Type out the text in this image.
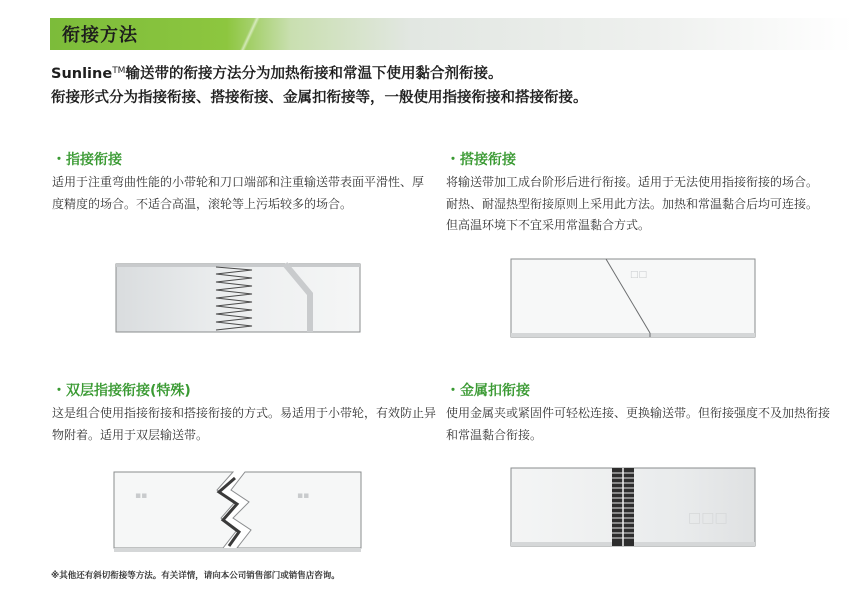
衔接方法
Sunline™输送带的衔接方法分为加热衔接和常温下使用黏合剂衔接。
衔接形式分为指接衔接、搭接衔接、金属扣衔接等，一般使用指接衔接和搭接衔接。
・指接衔接
适用于注重弯曲性能的小带轮和刀口端部和注重输送带表面平滑性、厚度精度的场合。不适合高温，滚轮等上污垢较多的场合。
・搭接衔接
将输送带加工成台阶形后进行衔接。适用于无法使用指接衔接的场合。耐热、耐湿热型衔接原则上采用此方法。加热和常温黏合后均可连接。但高温环境下不宜采用常温黏合方式。
□□
・双层指接衔接(特殊)
这是组合使用指接衔接和搭接衔接的方式。易适用于小带轮，有效防止异物附着。适用于双层输送带。
▪▪	▪▪
・金属扣衔接
使用金属夹或紧固件可轻松连接、更换输送带。但衔接强度不及加热衔接和常温黏合衔接。
□□□
※其他还有斜切衔接等方法。有关详情，请向本公司销售部门或销售店咨询。
